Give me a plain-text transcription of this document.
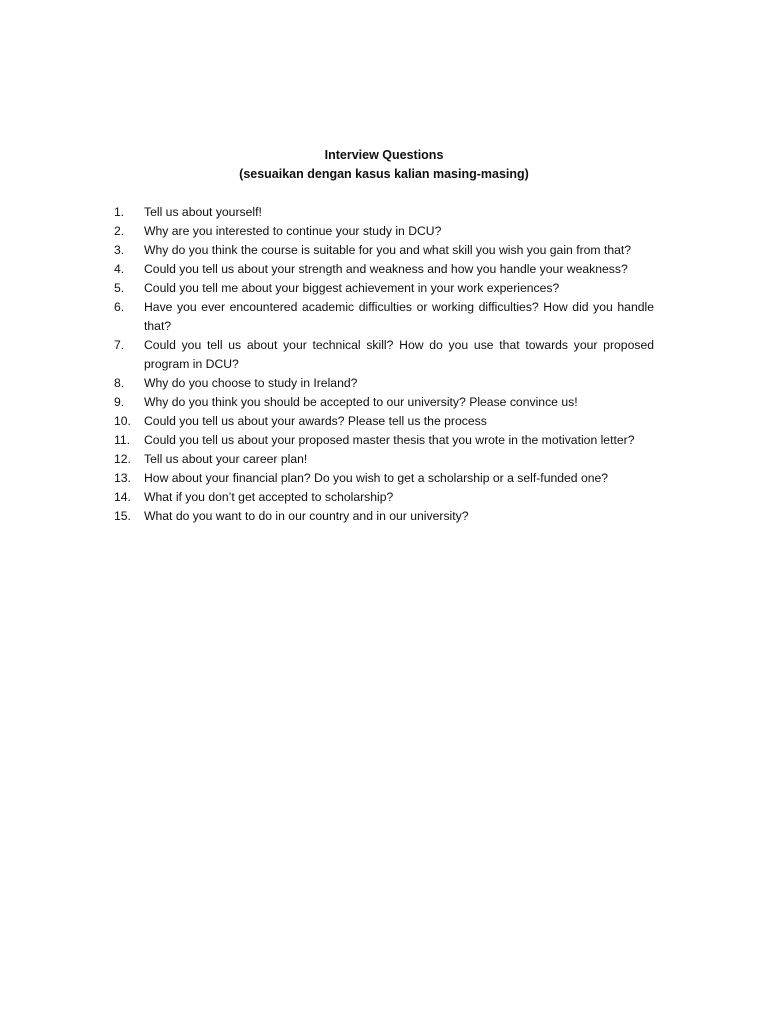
Interview Questions
(sesuaikan dengan kasus kalian masing-masing)
1.	Tell us about yourself!
2.	Why are you interested to continue your study in DCU?
3.	Why do you think the course is suitable for you and what skill you wish you gain from that?
4.	Could you tell us about your strength and weakness and how you handle your weakness?
5.	Could you tell me about your biggest achievement in your work experiences?
6.	Have you ever encountered academic difficulties or working difficulties? How did you handle that?
7.	Could you tell us about your technical skill? How do you use that towards your proposed program in DCU?
8.	Why do you choose to study in Ireland?
9.	Why do you think you should be accepted to our university? Please convince us!
10.	Could you tell us about your awards? Please tell us the process
11.	Could you tell us about your proposed master thesis that you wrote in the motivation letter?
12.	Tell us about your career plan!
13.	How about your financial plan? Do you wish to get a scholarship or a self-funded one?
14.	What if you don’t get accepted to scholarship?
15.	What do you want to do in our country and in our university?
